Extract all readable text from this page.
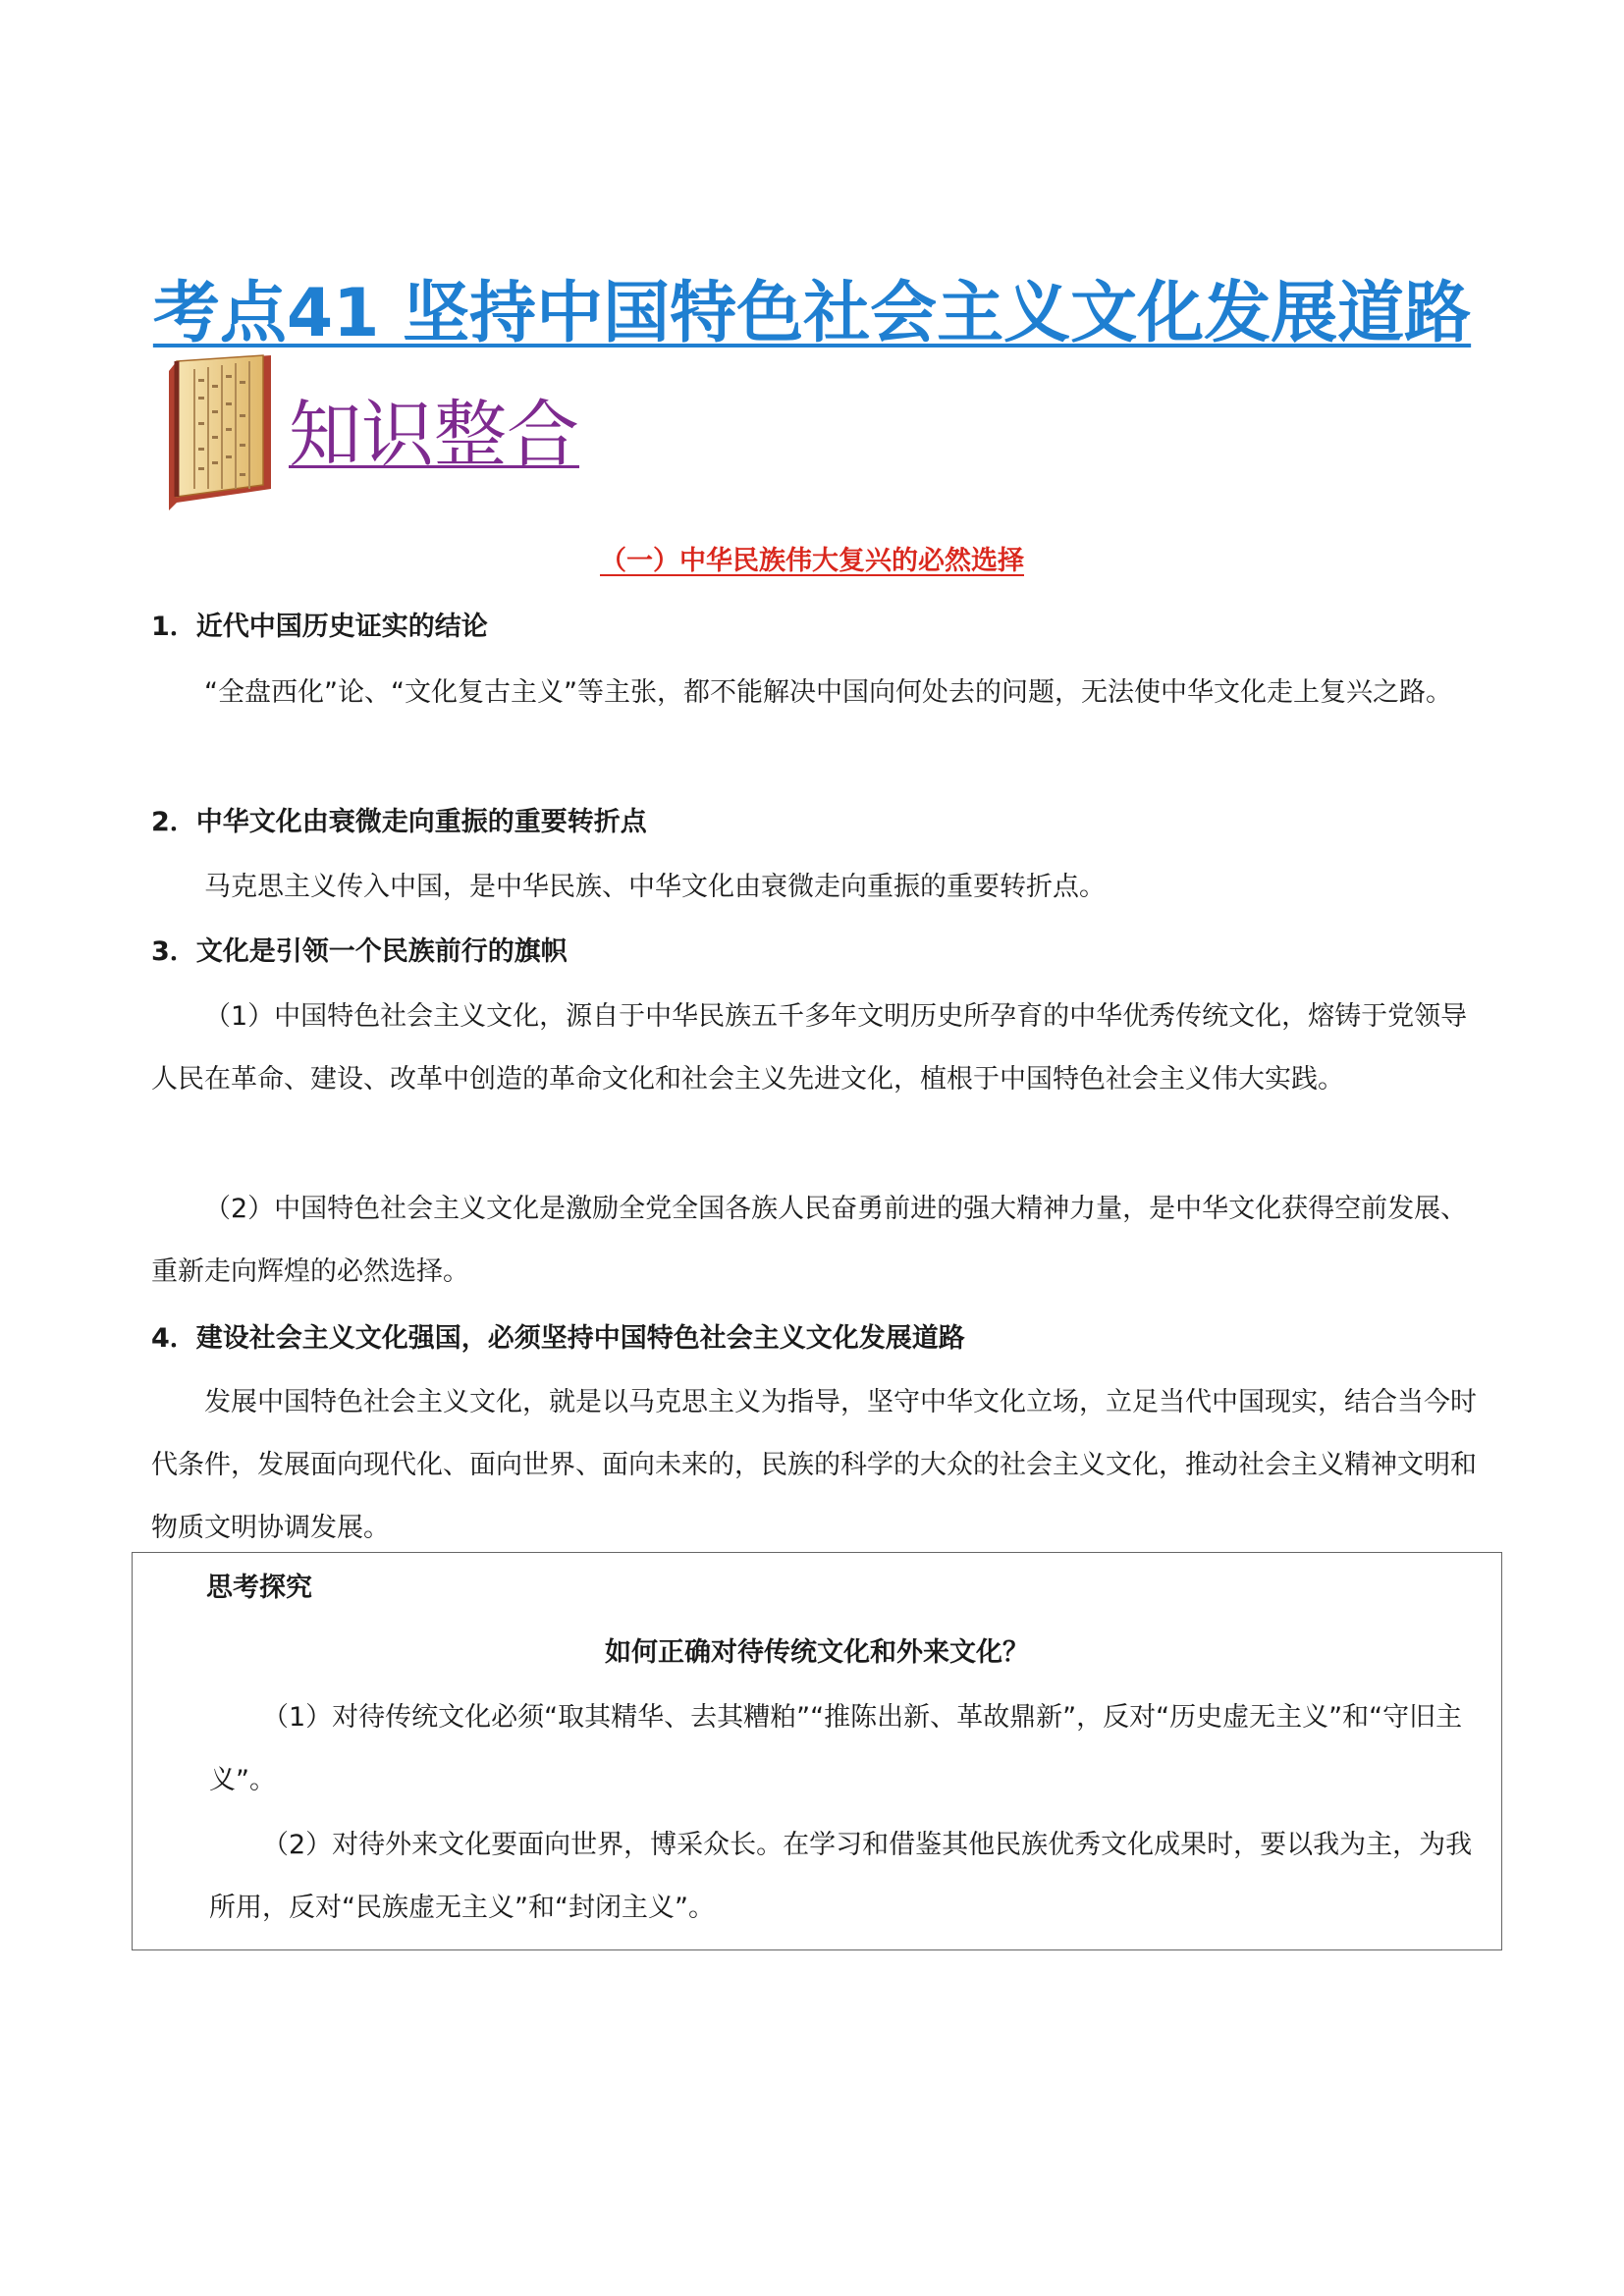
考点41 坚持中国特色社会主义文化发展道路
知识整合
（一）中华民族伟大复兴的必然选择

1．近代中国历史证实的结论

“全盘西化”论、“文化复古主义”等主张，都不能解决中国向何处去的问题，无法使中华文化走上复兴之路。

2．中华文化由衰微走向重振的重要转折点

马克思主义传入中国，是中华民族、中华文化由衰微走向重振的重要转折点。

3．文化是引领一个民族前行的旗帜

（1）中国特色社会主义文化，源自于中华民族五千多年文明历史所孕育的中华优秀传统文化，熔铸于党领导人民在革命、建设、改革中创造的革命文化和社会主义先进文化，植根于中国特色社会主义伟大实践。

（2）中国特色社会主义文化是激励全党全国各族人民奋勇前进的强大精神力量，是中华文化获得空前发展、重新走向辉煌的必然选择。

4．建设社会主义文化强国，必须坚持中国特色社会主义文化发展道路

发展中国特色社会主义文化，就是以马克思主义为指导，坚守中华文化立场，立足当代中国现实，结合当今时代条件，发展面向现代化、面向世界、面向未来的，民族的科学的大众的社会主义文化，推动社会主义精神文明和物质文明协调发展。

思考探究

如何正确对待传统文化和外来文化？

（1）对待传统文化必须“取其精华、去其糟粕”“推陈出新、革故鼎新”，反对“历史虚无主义”和“守旧主义”。

（2）对待外来文化要面向世界，博采众长。在学习和借鉴其他民族优秀文化成果时，要以我为主，为我所用，反对“民族虚无主义”和“封闭主义”。
